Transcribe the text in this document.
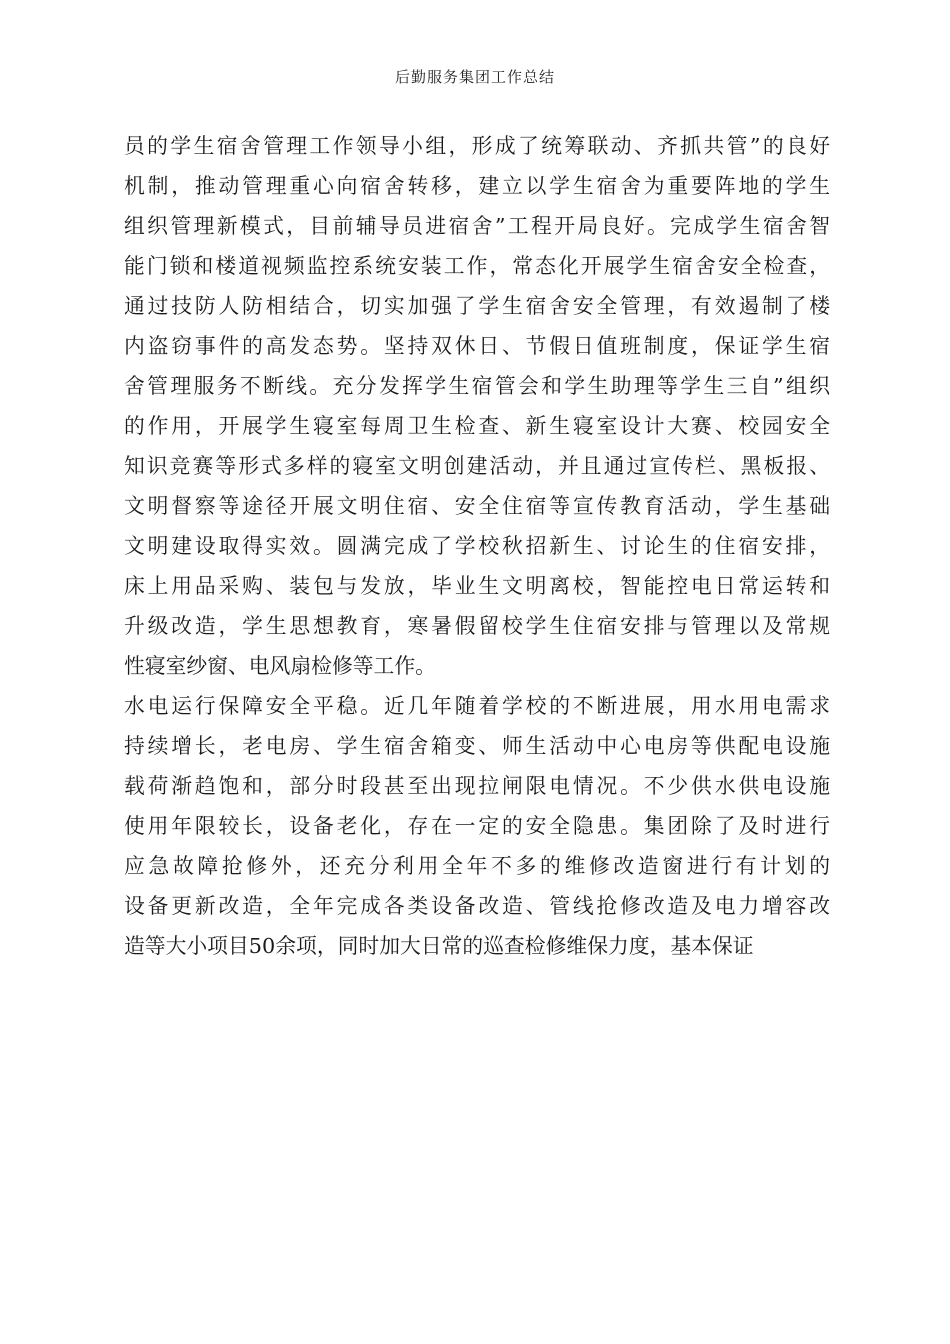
后勤服务集团工作总结
员的学生宿舍管理工作领导小组，形成了统筹联动、齐抓共管”的良好
机制，推动管理重心向宿舍转移，建立以学生宿舍为重要阵地的学生
组织管理新模式，目前辅导员进宿舍”工程开局良好。完成学生宿舍智
能门锁和楼道视频监控系统安装工作，常态化开展学生宿舍安全检查，
通过技防人防相结合，切实加强了学生宿舍安全管理，有效遏制了楼
内盗窃事件的高发态势。坚持双休日、节假日值班制度，保证学生宿
舍管理服务不断线。充分发挥学生宿管会和学生助理等学生三自”组织
的作用，开展学生寝室每周卫生检查、新生寝室设计大赛、校园安全
知识竞赛等形式多样的寝室文明创建活动，并且通过宣传栏、黑板报、
文明督察等途径开展文明住宿、安全住宿等宣传教育活动，学生基础
文明建设取得实效。圆满完成了学校秋招新生、讨论生的住宿安排，
床上用品采购、装包与发放，毕业生文明离校，智能控电日常运转和
升级改造，学生思想教育，寒暑假留校学生住宿安排与管理以及常规
性寝室纱窗、电风扇检修等工作。
水电运行保障安全平稳。近几年随着学校的不断进展，用水用电需求
持续增长，老电房、学生宿舍箱变、师生活动中心电房等供配电设施
载荷渐趋饱和，部分时段甚至出现拉闸限电情况。不少供水供电设施
使用年限较长，设备老化，存在一定的安全隐患。集团除了及时进行
应急故障抢修外，还充分利用全年不多的维修改造窗进行有计划的
设备更新改造，全年完成各类设备改造、管线抢修改造及电力增容改
造等大小项目50余项，同时加大日常的巡查检修维保力度，基本保证
